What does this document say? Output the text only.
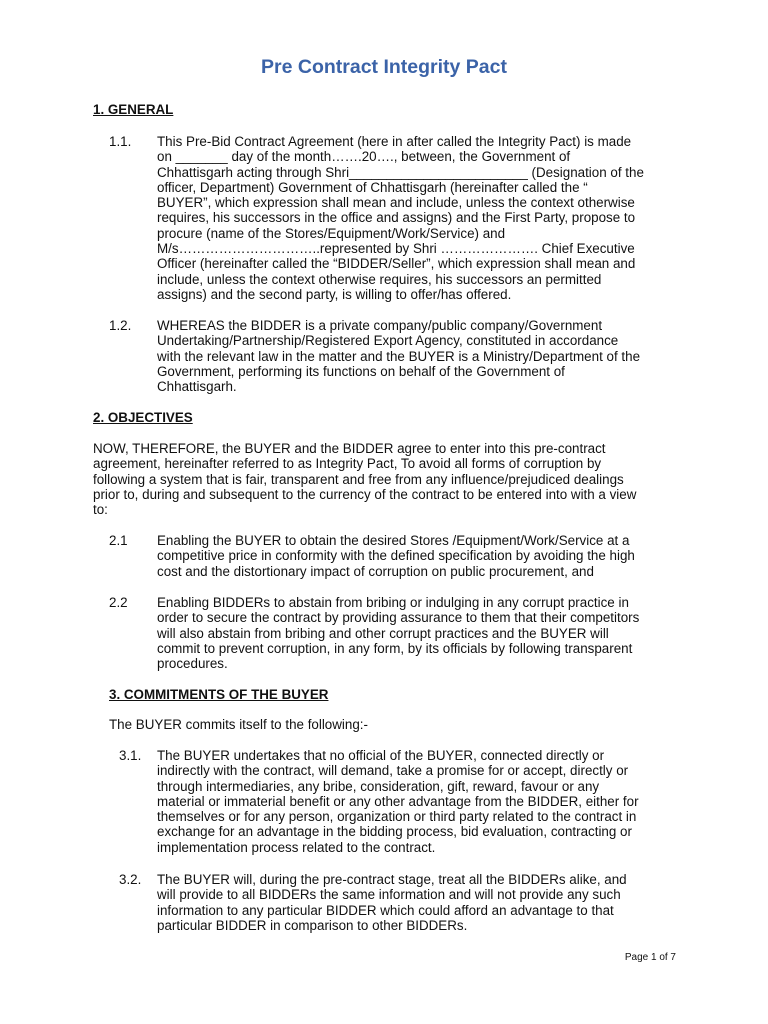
Pre Contract Integrity Pact
1. GENERAL
1.1. This Pre-Bid Contract Agreement (here in after called the Integrity Pact) is made
on _______ day of the month…….20…., between, the Government of
Chhattisgarh acting through Shri________________________ (Designation of the
officer, Department) Government of Chhattisgarh (hereinafter called the “
BUYER”, which expression shall mean and include, unless the context otherwise
requires, his successors in the office and assigns) and the First Party, propose to
procure (name of the Stores/Equipment/Work/Service) and
M/s…………………………..represented by Shri …………………. Chief Executive
Officer (hereinafter called the “BIDDER/Seller”, which expression shall mean and
include, unless the context otherwise requires, his successors an permitted
assigns) and the second party, is willing to offer/has offered.
1.2. WHEREAS the BIDDER is a private company/public company/Government
Undertaking/Partnership/Registered Export Agency, constituted in accordance
with the relevant law in the matter and the BUYER is a Ministry/Department of the
Government, performing its functions on behalf of the Government of
Chhattisgarh.
2. OBJECTIVES
NOW, THEREFORE, the BUYER and the BIDDER agree to enter into this pre-contract
agreement, hereinafter referred to as Integrity Pact, To avoid all forms of corruption by
following a system that is fair, transparent and free from any influence/prejudiced dealings
prior to, during and subsequent to the currency of the contract to be entered into with a view
to:
2.1 Enabling the BUYER to obtain the desired Stores /Equipment/Work/Service at a
competitive price in conformity with the defined specification by avoiding the high
cost and the distortionary impact of corruption on public procurement, and
2.2 Enabling BIDDERs to abstain from bribing or indulging in any corrupt practice in
order to secure the contract by providing assurance to them that their competitors
will also abstain from bribing and other corrupt practices and the BUYER will
commit to prevent corruption, in any form, by its officials by following transparent
procedures.
3. COMMITMENTS OF THE BUYER
The BUYER commits itself to the following:-
3.1. The BUYER undertakes that no official of the BUYER, connected directly or
indirectly with the contract, will demand, take a promise for or accept, directly or
through intermediaries, any bribe, consideration, gift, reward, favour or any
material or immaterial benefit or any other advantage from the BIDDER, either for
themselves or for any person, organization or third party related to the contract in
exchange for an advantage in the bidding process, bid evaluation, contracting or
implementation process related to the contract.
3.2. The BUYER will, during the pre-contract stage, treat all the BIDDERs alike, and
will provide to all BIDDERs the same information and will not provide any such
information to any particular BIDDER which could afford an advantage to that
particular BIDDER in comparison to other BIDDERs.
Page 1 of 7
